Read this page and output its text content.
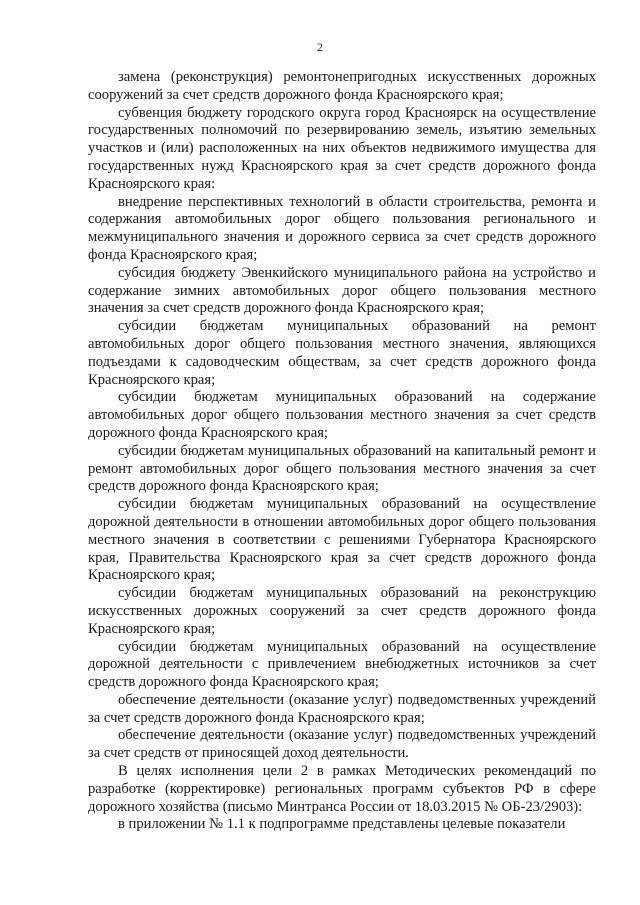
2

замена (реконструкция) ремонтонепригодных искусственных дорожных сооружений за счет средств дорожного фонда Красноярского края;

субвенция бюджету городского округа город Красноярск на осуществление государственных полномочий по резервированию земель, изъятию земельных участков и (или) расположенных на них объектов недвижимого имущества для государственных нужд Красноярского края за счет средств дорожного фонда Красноярского края:

внедрение перспективных технологий в области строительства, ремонта и содержания автомобильных дорог общего пользования регионального и межмуниципального значения и дорожного сервиса за счет средств дорожного фонда Красноярского края;

субсидия бюджету Эвенкийского муниципального района на устройство и содержание зимних автомобильных дорог общего пользования местного значения за счет средств дорожного фонда Красноярского края;

субсидии бюджетам муниципальных образований на ремонт автомобильных дорог общего пользования местного значения, являющихся подъездами к садоводческим обществам, за счет средств дорожного фонда Красноярского края;

субсидии бюджетам муниципальных образований на содержание автомобильных дорог общего пользования местного значения за счет средств дорожного фонда Красноярского края;

субсидии бюджетам муниципальных образований на капитальный ремонт и ремонт автомобильных дорог общего пользования местного значения за счет средств дорожного фонда Красноярского края;

субсидии бюджетам муниципальных образований на осуществление дорожной деятельности в отношении автомобильных дорог общего пользования местного значения в соответствии с решениями Губернатора Красноярского края, Правительства Красноярского края за счет средств дорожного фонда Красноярского края;

субсидии бюджетам муниципальных образований на реконструкцию искусственных дорожных сооружений за счет средств дорожного фонда Красноярского края;

субсидии бюджетам муниципальных образований на осуществление дорожной деятельности с привлечением внебюджетных источников за счет средств дорожного фонда Красноярского края;

обеспечение деятельности (оказание услуг) подведомственных учреждений за счет средств дорожного фонда Красноярского края;

обеспечение деятельности (оказание услуг) подведомственных учреждений за счет средств от приносящей доход деятельности.

В целях исполнения цели 2 в рамках Методических рекомендаций по разработке (корректировке) региональных программ субъектов РФ в сфере дорожного хозяйства (письмо Минтранса России от 18.03.2015 № ОБ-23/2903):

в приложении № 1.1 к подпрограмме представлены целевые показатели
